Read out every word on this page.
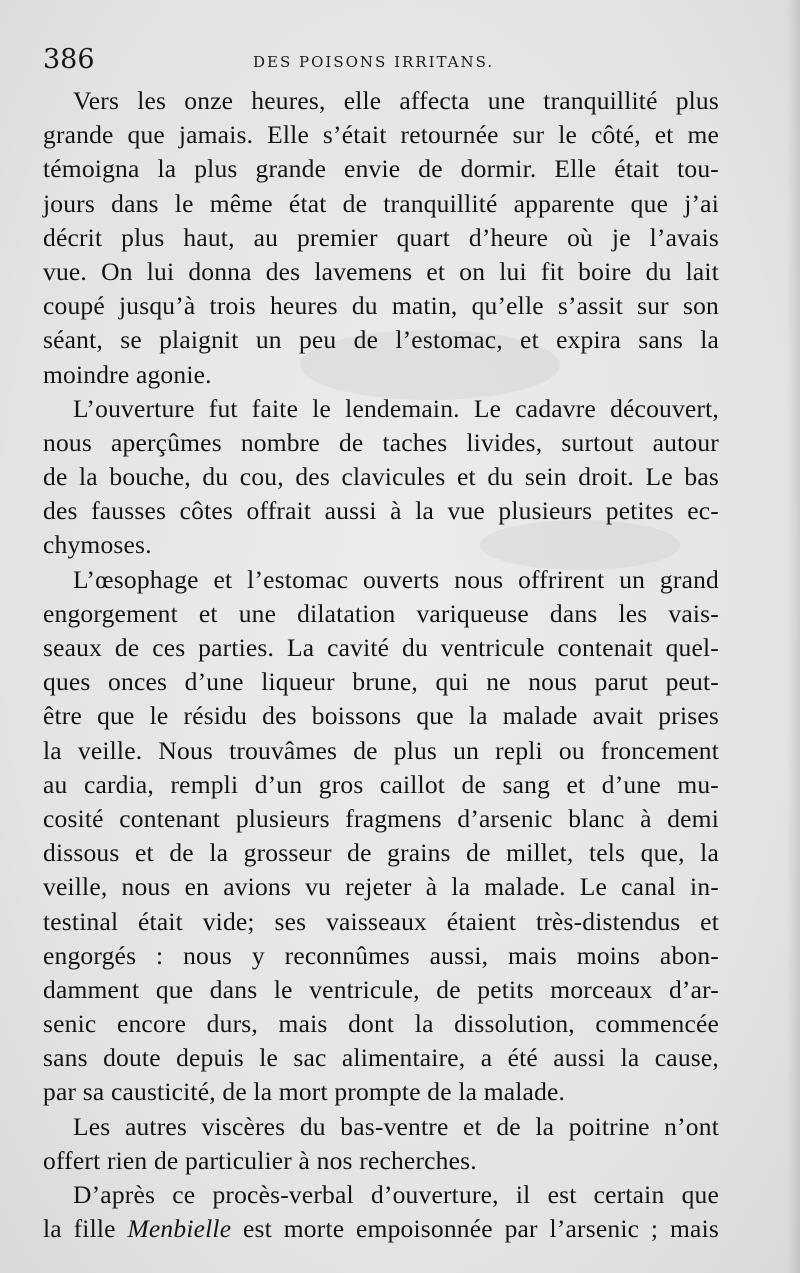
386	DES POISONS IRRITANS.

Vers les onze heures, elle affecta une tranquillité plus
grande que jamais. Elle s’était retournée sur le côté, et me
témoigna la plus grande envie de dormir. Elle était tou-
jours dans le même état de tranquillité apparente que j’ai
décrit plus haut, au premier quart d’heure où je l’avais
vue. On lui donna des lavemens et on lui fit boire du lait
coupé jusqu’à trois heures du matin, qu’elle s’assit sur son
séant, se plaignit un peu de l’estomac, et expira sans la
moindre agonie.

L’ouverture fut faite le lendemain. Le cadavre découvert,
nous aperçûmes nombre de taches livides, surtout autour
de la bouche, du cou, des clavicules et du sein droit. Le bas
des fausses côtes offrait aussi à la vue plusieurs petites ec-
chymoses.

L’œsophage et l’estomac ouverts nous offrirent un grand
engorgement et une dilatation variqueuse dans les vais-
seaux de ces parties. La cavité du ventricule contenait quel-
ques onces d’une liqueur brune, qui ne nous parut peut-
être que le résidu des boissons que la malade avait prises
la veille. Nous trouvâmes de plus un repli ou froncement
au cardia, rempli d’un gros caillot de sang et d’une mu-
cosité contenant plusieurs fragmens d’arsenic blanc à demi
dissous et de la grosseur de grains de millet, tels que, la
veille, nous en avions vu rejeter à la malade. Le canal in-
testinal était vide; ses vaisseaux étaient très-distendus et
engorgés : nous y reconnûmes aussi, mais moins abon-
damment que dans le ventricule, de petits morceaux d’ar-
senic encore durs, mais dont la dissolution, commencée
sans doute depuis le sac alimentaire, a été aussi la cause,
par sa causticité, de la mort prompte de la malade.

Les autres viscères du bas-ventre et de la poitrine n’ont
offert rien de particulier à nos recherches.

D’après ce procès-verbal d’ouverture, il est certain que
la fille Menbielle est morte empoisonnée par l’arsenic ; mais
